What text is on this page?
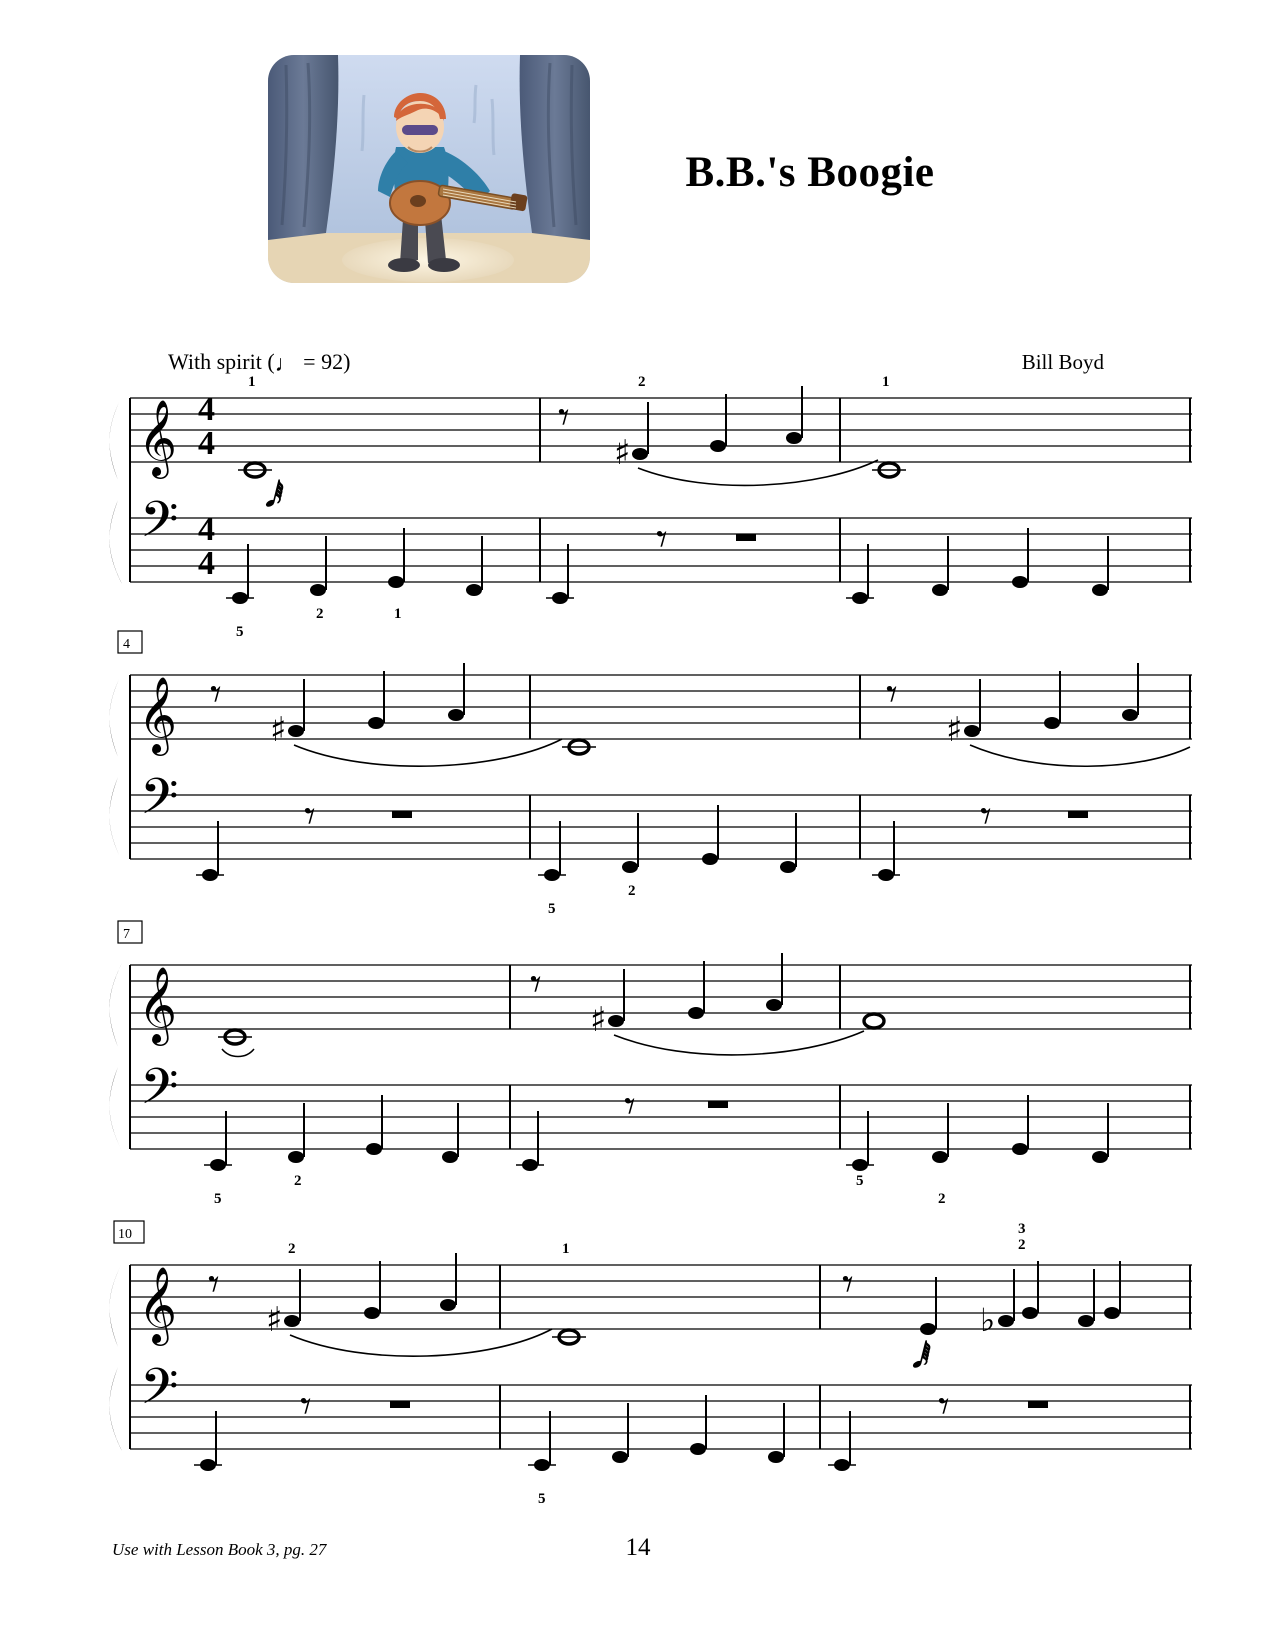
B.B.'s Boogie
With spirit (♩ = 92)	Bill Boyd
𝄞
𝄢
4
4
4
4
𝅘𝅥𝅱
1
2	1
5
𝄾
♯
2
𝄾
1
𝄞
𝄢
4
𝄾
♯
𝄾
5
2
𝄾
♯
𝄾
𝄞
𝄢
7
5
2
𝄾
♯
𝄾
5
2
𝄞
𝄢
10
𝄾
♯
2
𝄾
1
5
𝄾
♭
𝅭𝅘𝅥𝅲
3
2
𝄾
Use with Lesson Book 3, pg. 27	14
